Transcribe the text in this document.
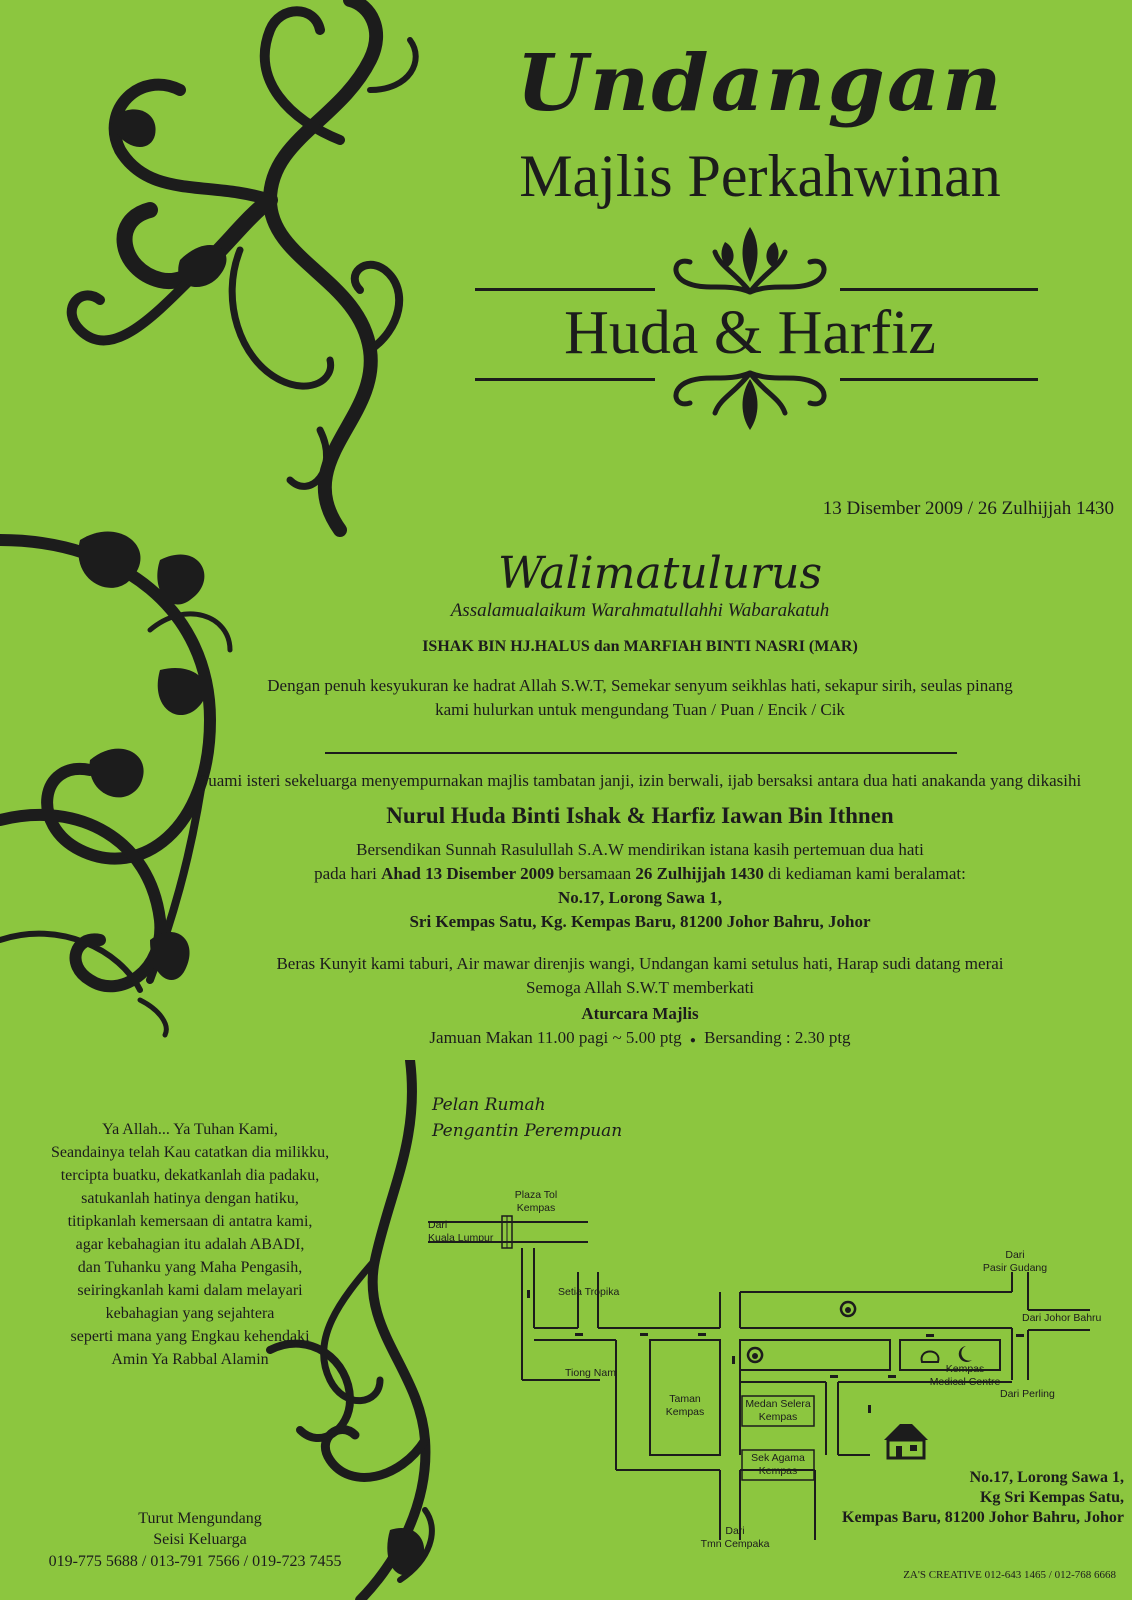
Undangan
Majlis Perkahwinan
Huda & Harfiz
13 Disember 2009 / 26 Zulhijjah 1430
Walimatulurus
Assalamualaikum Warahmatullahhi Wabarakatuh
ISHAK BIN HJ.HALUS dan MARFIAH BINTI NASRI (MAR)
Dengan penuh kesyukuran ke hadrat Allah S.W.T, Semekar senyum seikhlas hati, sekapur sirih, seulas pinang
kami hulurkan untuk mengundang Tuan / Puan / Encik / Cik
Suami isteri sekeluarga menyempurnakan majlis tambatan janji, izin berwali, ijab bersaksi antara dua hati anakanda yang dikasihi
Nurul Huda Binti Ishak & Harfiz Iawan Bin Ithnen
Bersendikan Sunnah Rasulullah S.A.W mendirikan istana kasih pertemuan dua hati
pada hari Ahad 13 Disember 2009 bersamaan 26 Zulhijjah 1430 di kediaman kami beralamat:
No.17, Lorong Sawa 1,
Sri Kempas Satu, Kg. Kempas Baru, 81200 Johor Bahru, Johor
Beras Kunyit kami taburi, Air mawar direnjis wangi, Undangan kami setulus hati, Harap sudi datang merai
Semoga Allah S.W.T memberkati
Aturcara Majlis
Jamuan Makan 11.00 pagi ~ 5.00 ptg ● Bersanding : 2.30 ptg
Ya Allah... Ya Tuhan Kami,
Seandainya telah Kau catatkan dia milikku,
tercipta buatku, dekatkanlah dia padaku,
satukanlah hatinya dengan hatiku,
titipkanlah kemersaan di antatra kami,
agar kebahagian itu adalah ABADI,
dan Tuhanku yang Maha Pengasih,
seiringkanlah kami dalam melayari
kebahagian yang sejahtera
seperti mana yang Engkau kehendaki
Amin Ya Rabbal Alamin
Turut Mengundang
Seisi Keluarga
019-775 5688 / 013-791 7566 / 019-723 7455
Pelan Rumah
Pengantin Perempuan
Plaza Tol
Kempas
Dari
Kuala Lumpur
Setia Tropika
Tiong Nam
Taman
Kempas
Medan Selera
Kempas
Sek Agama
Kempas
Dari
Tmn Cempaka
Dari
Pasir Gudang
Dari Johor Bahru
Kempas
Medical Centre
Dari Perling
No.17, Lorong Sawa 1,
Kg Sri Kempas Satu,
Kempas Baru, 81200 Johor Bahru, Johor
ZA'S CREATIVE 012-643 1465 / 012-768 6668
